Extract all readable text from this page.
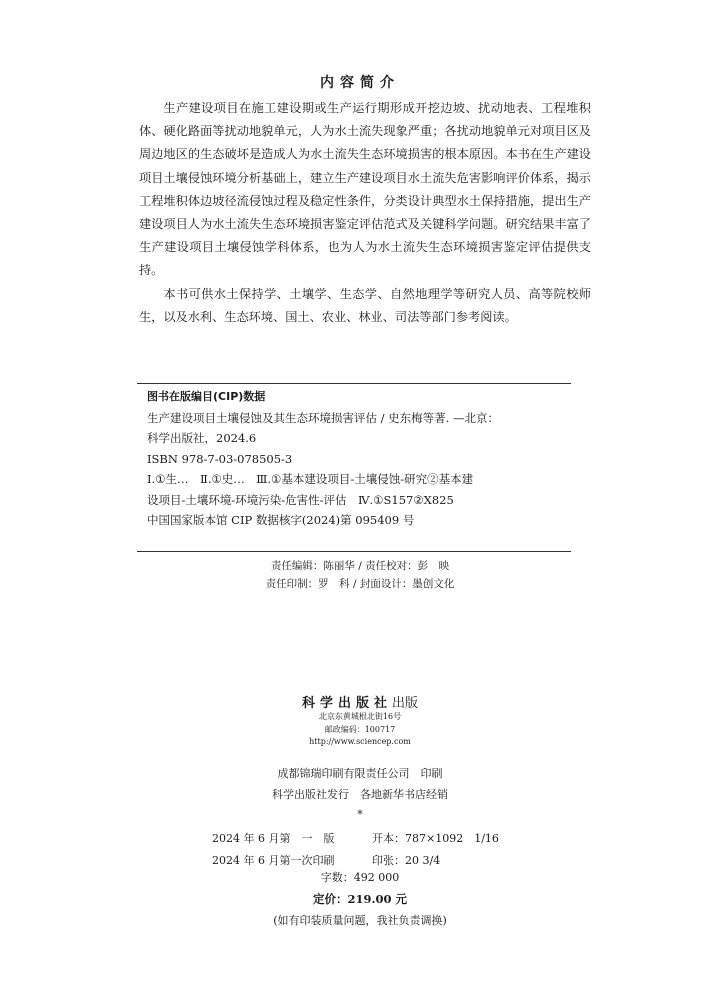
内容简介

生产建设项目在施工建设期或生产运行期形成开挖边坡、扰动地表、工程堆积体、硬化路面等扰动地貌单元，人为水土流失现象严重；各扰动地貌单元对项目区及周边地区的生态破坏是造成人为水土流失生态环境损害的根本原因。本书在生产建设项目土壤侵蚀环境分析基础上，建立生产建设项目水土流失危害影响评价体系，揭示工程堆积体边坡径流侵蚀过程及稳定性条件，分类设计典型水土保持措施，提出生产建设项目人为水土流失生态环境损害鉴定评估范式及关键科学问题。研究结果丰富了生产建设项目土壤侵蚀学科体系，也为人为水土流失生态环境损害鉴定评估提供支持。

本书可供水土保持学、土壤学、生态学、自然地理学等研究人员、高等院校师生，以及水利、生态环境、国土、农业、林业、司法等部门参考阅读。

图书在版编目(CIP)数据
生产建设项目土壤侵蚀及其生态环境损害评估 / 史东梅等著. —北京：
科学出版社，2024.6
ISBN 978-7-03-078505-3
Ⅰ.①生…　Ⅱ.①史…　Ⅲ.①基本建设项目-土壤侵蚀-研究②基本建
设项目-土壤环境-环境污染-危害性-评估　Ⅳ.①S157②X825
中国国家版本馆 CIP 数据核字(2024)第 095409 号
责任编辑：陈丽华 / 责任校对：彭　映
责任印制：罗　科 / 封面设计：墨创文化
科学出版社出版
北京东黄城根北街16号
邮政编码：100717
http://www.sciencep.com
成都锦瑞印刷有限责任公司　印刷
科学出版社发行　各地新华书店经销
*
2024 年 6 月第　一　版	开本：787×1092　1/16
2024 年 6 月第一次印刷	印张：20 3/4
字数：492 000
定价：219.00 元
(如有印装质量问题，我社负责调换)
